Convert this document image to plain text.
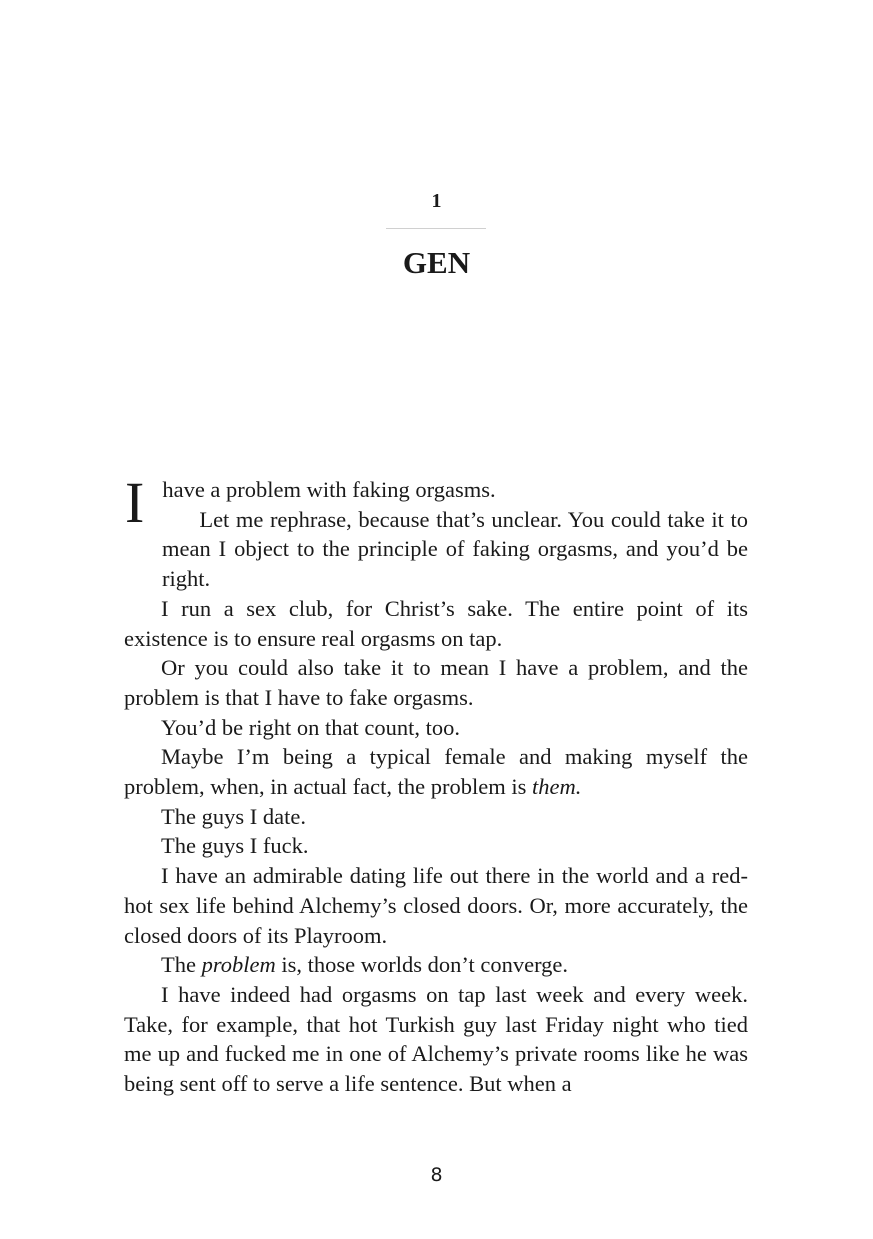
1
GEN

Ihave a problem with faking orgasms.

Let me rephrase, because that’s unclear. You could take it to mean I object to the principle of faking orgasms, and you’d be right.

I run a sex club, for Christ’s sake. The entire point of its existence is to ensure real orgasms on tap.

Or you could also take it to mean I have a problem, and the problem is that I have to fake orgasms.

You’d be right on that count, too.

Maybe I’m being a typical female and making myself the problem, when, in actual fact, the problem is them.

The guys I date.

The guys I fuck.

I have an admirable dating life out there in the world and a red-hot sex life behind Alchemy’s closed doors. Or, more accurately, the closed doors of its Playroom.

The problem is, those worlds don’t converge.

I have indeed had orgasms on tap last week and every week. Take, for example, that hot Turkish guy last Friday night who tied me up and fucked me in one of Alchemy’s private rooms like he was being sent off to serve a life sentence. But when a

8
